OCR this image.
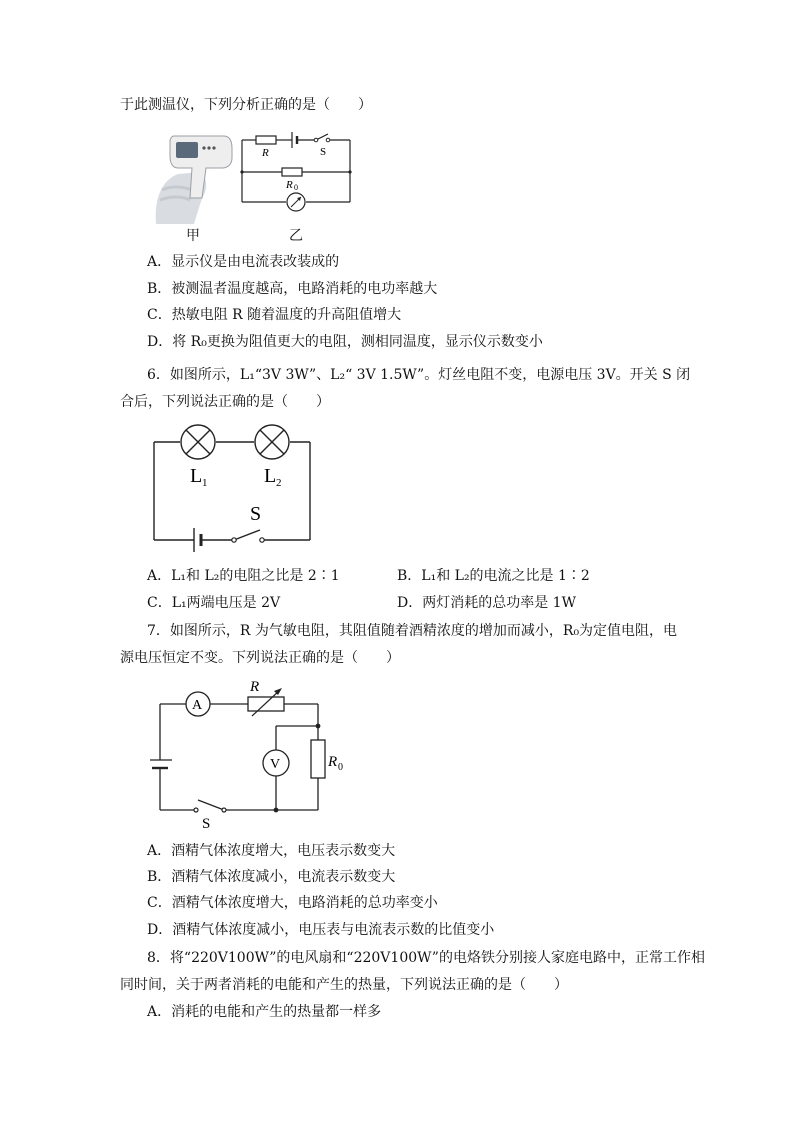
于此测温仪，下列分析正确的是（　　）
甲
R
R 0
S
乙
A．显示仪是由电流表改装成的
B．被测温者温度越高，电路消耗的电功率越大
C．热敏电阻 R 随着温度的升高阻值增大
D．将 R₀更换为阻值更大的电阻，测相同温度，显示仪示数变小
6．如图所示，L₁“3V 3W”、L₂“ 3V 1.5W”。灯丝电阻不变，电源电压 3V。开关 S 闭
合后，下列说法正确的是（　　）
L 1	L 2
S
A．L₁和 L₂的电阻之比是 2∶1	B．L₁和 L₂的电流之比是 1∶2
C．L₁两端电压是 2V	D．两灯消耗的总功率是 1W
7．如图所示，R 为气敏电阻，其阻值随着酒精浓度的增加而减小，R₀为定值电阻，电
源电压恒定不变。下列说法正确的是（　　）
A
V
R
R 0
S
A．酒精气体浓度增大，电压表示数变大
B．酒精气体浓度减小，电流表示数变大
C．酒精气体浓度增大，电路消耗的总功率变小
D．酒精气体浓度减小，电压表与电流表示数的比值变小
8．将“220V100W”的电风扇和“220V100W”的电烙铁分别接人家庭电路中，正常工作相
同时间，关于两者消耗的电能和产生的热量，下列说法正确的是（　　）
A．消耗的电能和产生的热量都一样多
